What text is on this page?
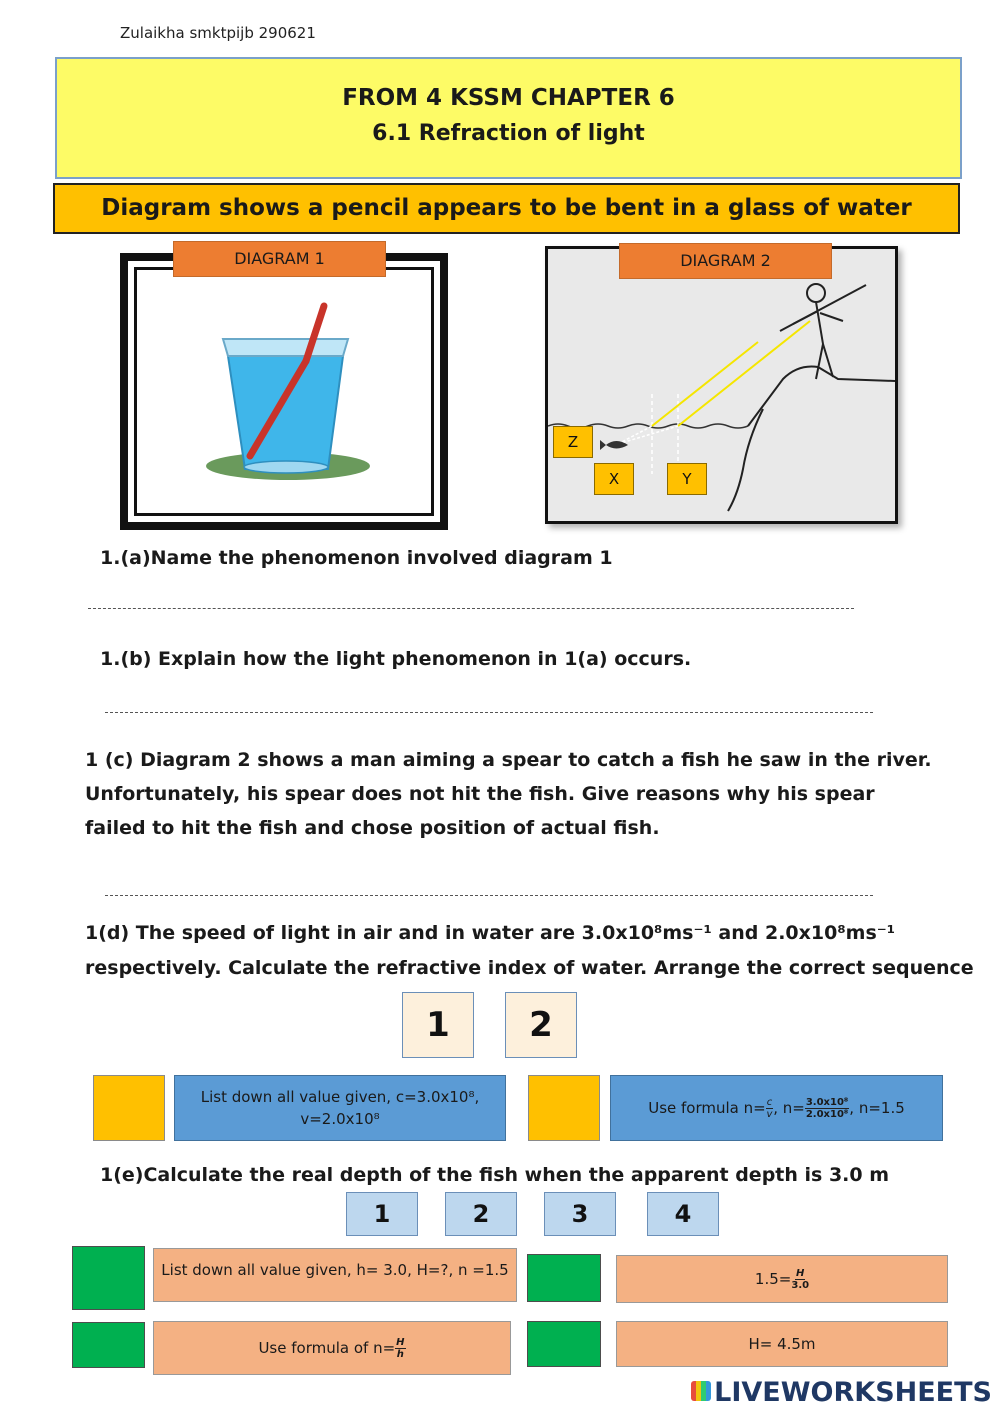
Zulaikha smktpijb 290621
FROM 4 KSSM CHAPTER 6
6.1 Refraction of light
Diagram shows a pencil appears to be bent in a glass of water
DIAGRAM 1	DIAGRAM 2
Z
X	Y
1.(a)Name the phenomenon involved diagram 1
1.(b) Explain how the light phenomenon in 1(a) occurs.
1 (c) Diagram 2 shows a man aiming a spear to catch a fish he saw in the river.
Unfortunately, his spear does not hit the fish. Give reasons why his spear
failed to hit the fish and chose position of actual fish.
1(d) The speed of light in air and in water are 3.0x10⁸ms⁻¹ and 2.0x10⁸ms⁻¹
respectively. Calculate the refractive index of water. Arrange the correct sequence
1	2
List down all value given, c=3.0x10⁸,
v=2.0x10⁸
Use formula $n= \frac{c}{v}$ , $n= \frac{\text{3.0x10⁸}}{\text{2.0x10⁸}}$ , n=1.5
1(e)Calculate the real depth of the fish when the apparent depth is 3.0 m
1	2	3	4
List down all value given, h= 3.0, H=?, n =1.5	$1.5= \frac{H}{3.0}$
Use formula of $n= \frac{H}{h}$	H= 4.5m
LIVEWORKSHEETS
